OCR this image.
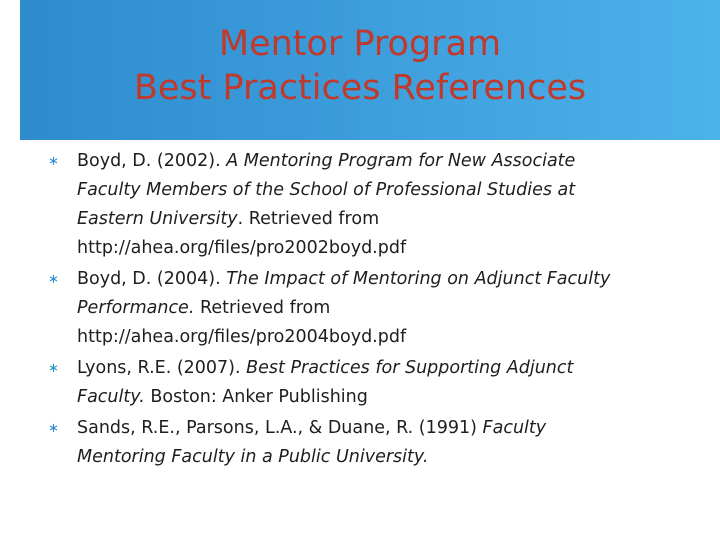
Mentor Program
Best Practices References
∗ Boyd, D. (2002). A Mentoring Program for New Associate
Faculty Members of the School of Professional Studies at
Eastern University. Retrieved from
http://ahea.org/files/pro2002boyd.pdf
∗ Boyd, D. (2004). The Impact of Mentoring on Adjunct Faculty
Performance. Retrieved from
http://ahea.org/files/pro2004boyd.pdf
∗ Lyons, R.E. (2007). Best Practices for Supporting Adjunct
Faculty. Boston: Anker Publishing
∗ Sands, R.E., Parsons, L.A., & Duane, R. (1991) Faculty
Mentoring Faculty in a Public University.
